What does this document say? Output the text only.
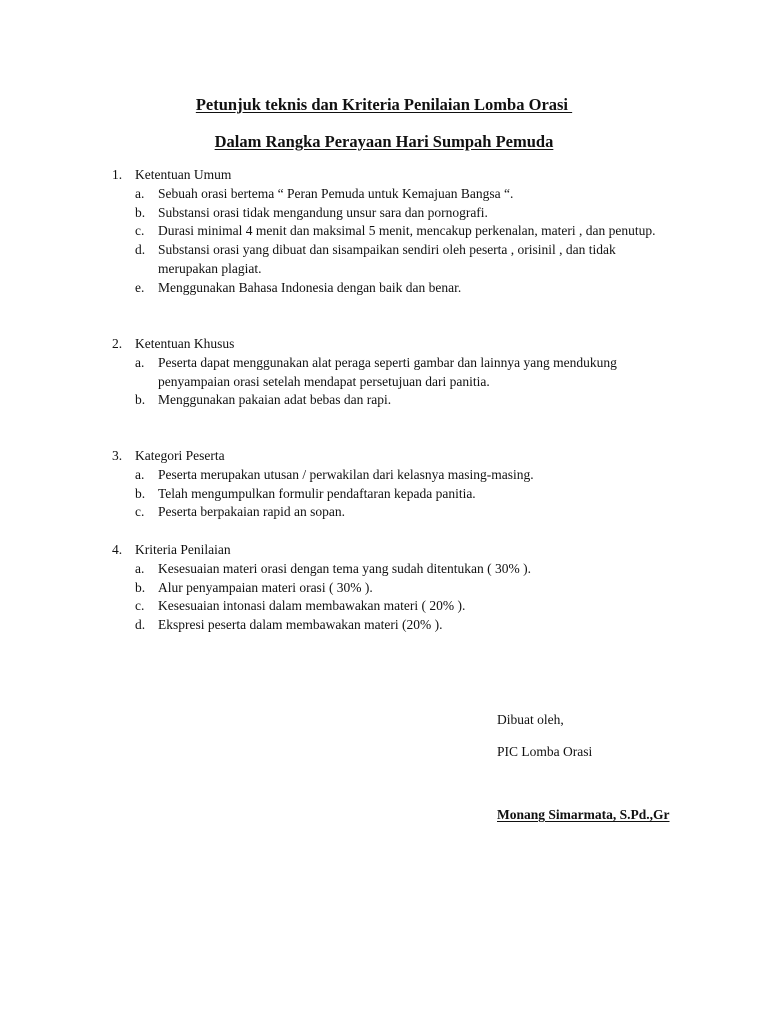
Petunjuk teknis dan Kriteria Penilaian Lomba Orasi
Dalam Rangka Perayaan Hari Sumpah Pemuda
1. Ketentuan Umum
a.	Sebuah orasi bertema “ Peran Pemuda untuk Kemajuan Bangsa “.
b. Substansi orasi tidak mengandung unsur sara dan pornografi.
c.	Durasi minimal 4 menit dan maksimal 5 menit, mencakup perkenalan, materi , dan penutup.
d. Substansi orasi yang dibuat dan sisampaikan sendiri oleh peserta , orisinil , dan tidak merupakan plagiat.
e.	Menggunakan Bahasa Indonesia dengan baik dan benar.
2. Ketentuan Khusus
a.	Peserta dapat menggunakan alat peraga seperti gambar dan lainnya yang mendukung penyampaian orasi setelah mendapat persetujuan dari panitia.
b. Menggunakan pakaian adat bebas dan rapi.
3. Kategori Peserta
a.	Peserta merupakan utusan / perwakilan dari kelasnya masing-masing.
b. Telah mengumpulkan formulir pendaftaran kepada panitia.
c.	Peserta berpakaian rapid an sopan.
4. Kriteria Penilaian
a.	Kesesuaian materi orasi dengan tema yang sudah ditentukan ( 30% ).
b. Alur penyampaian materi orasi ( 30% ).
c.	Kesesuaian intonasi dalam membawakan materi ( 20% ).
d. Ekspresi peserta dalam membawakan materi (20% ).
Dibuat oleh,
PIC Lomba Orasi
Monang Simarmata, S.Pd.,Gr
